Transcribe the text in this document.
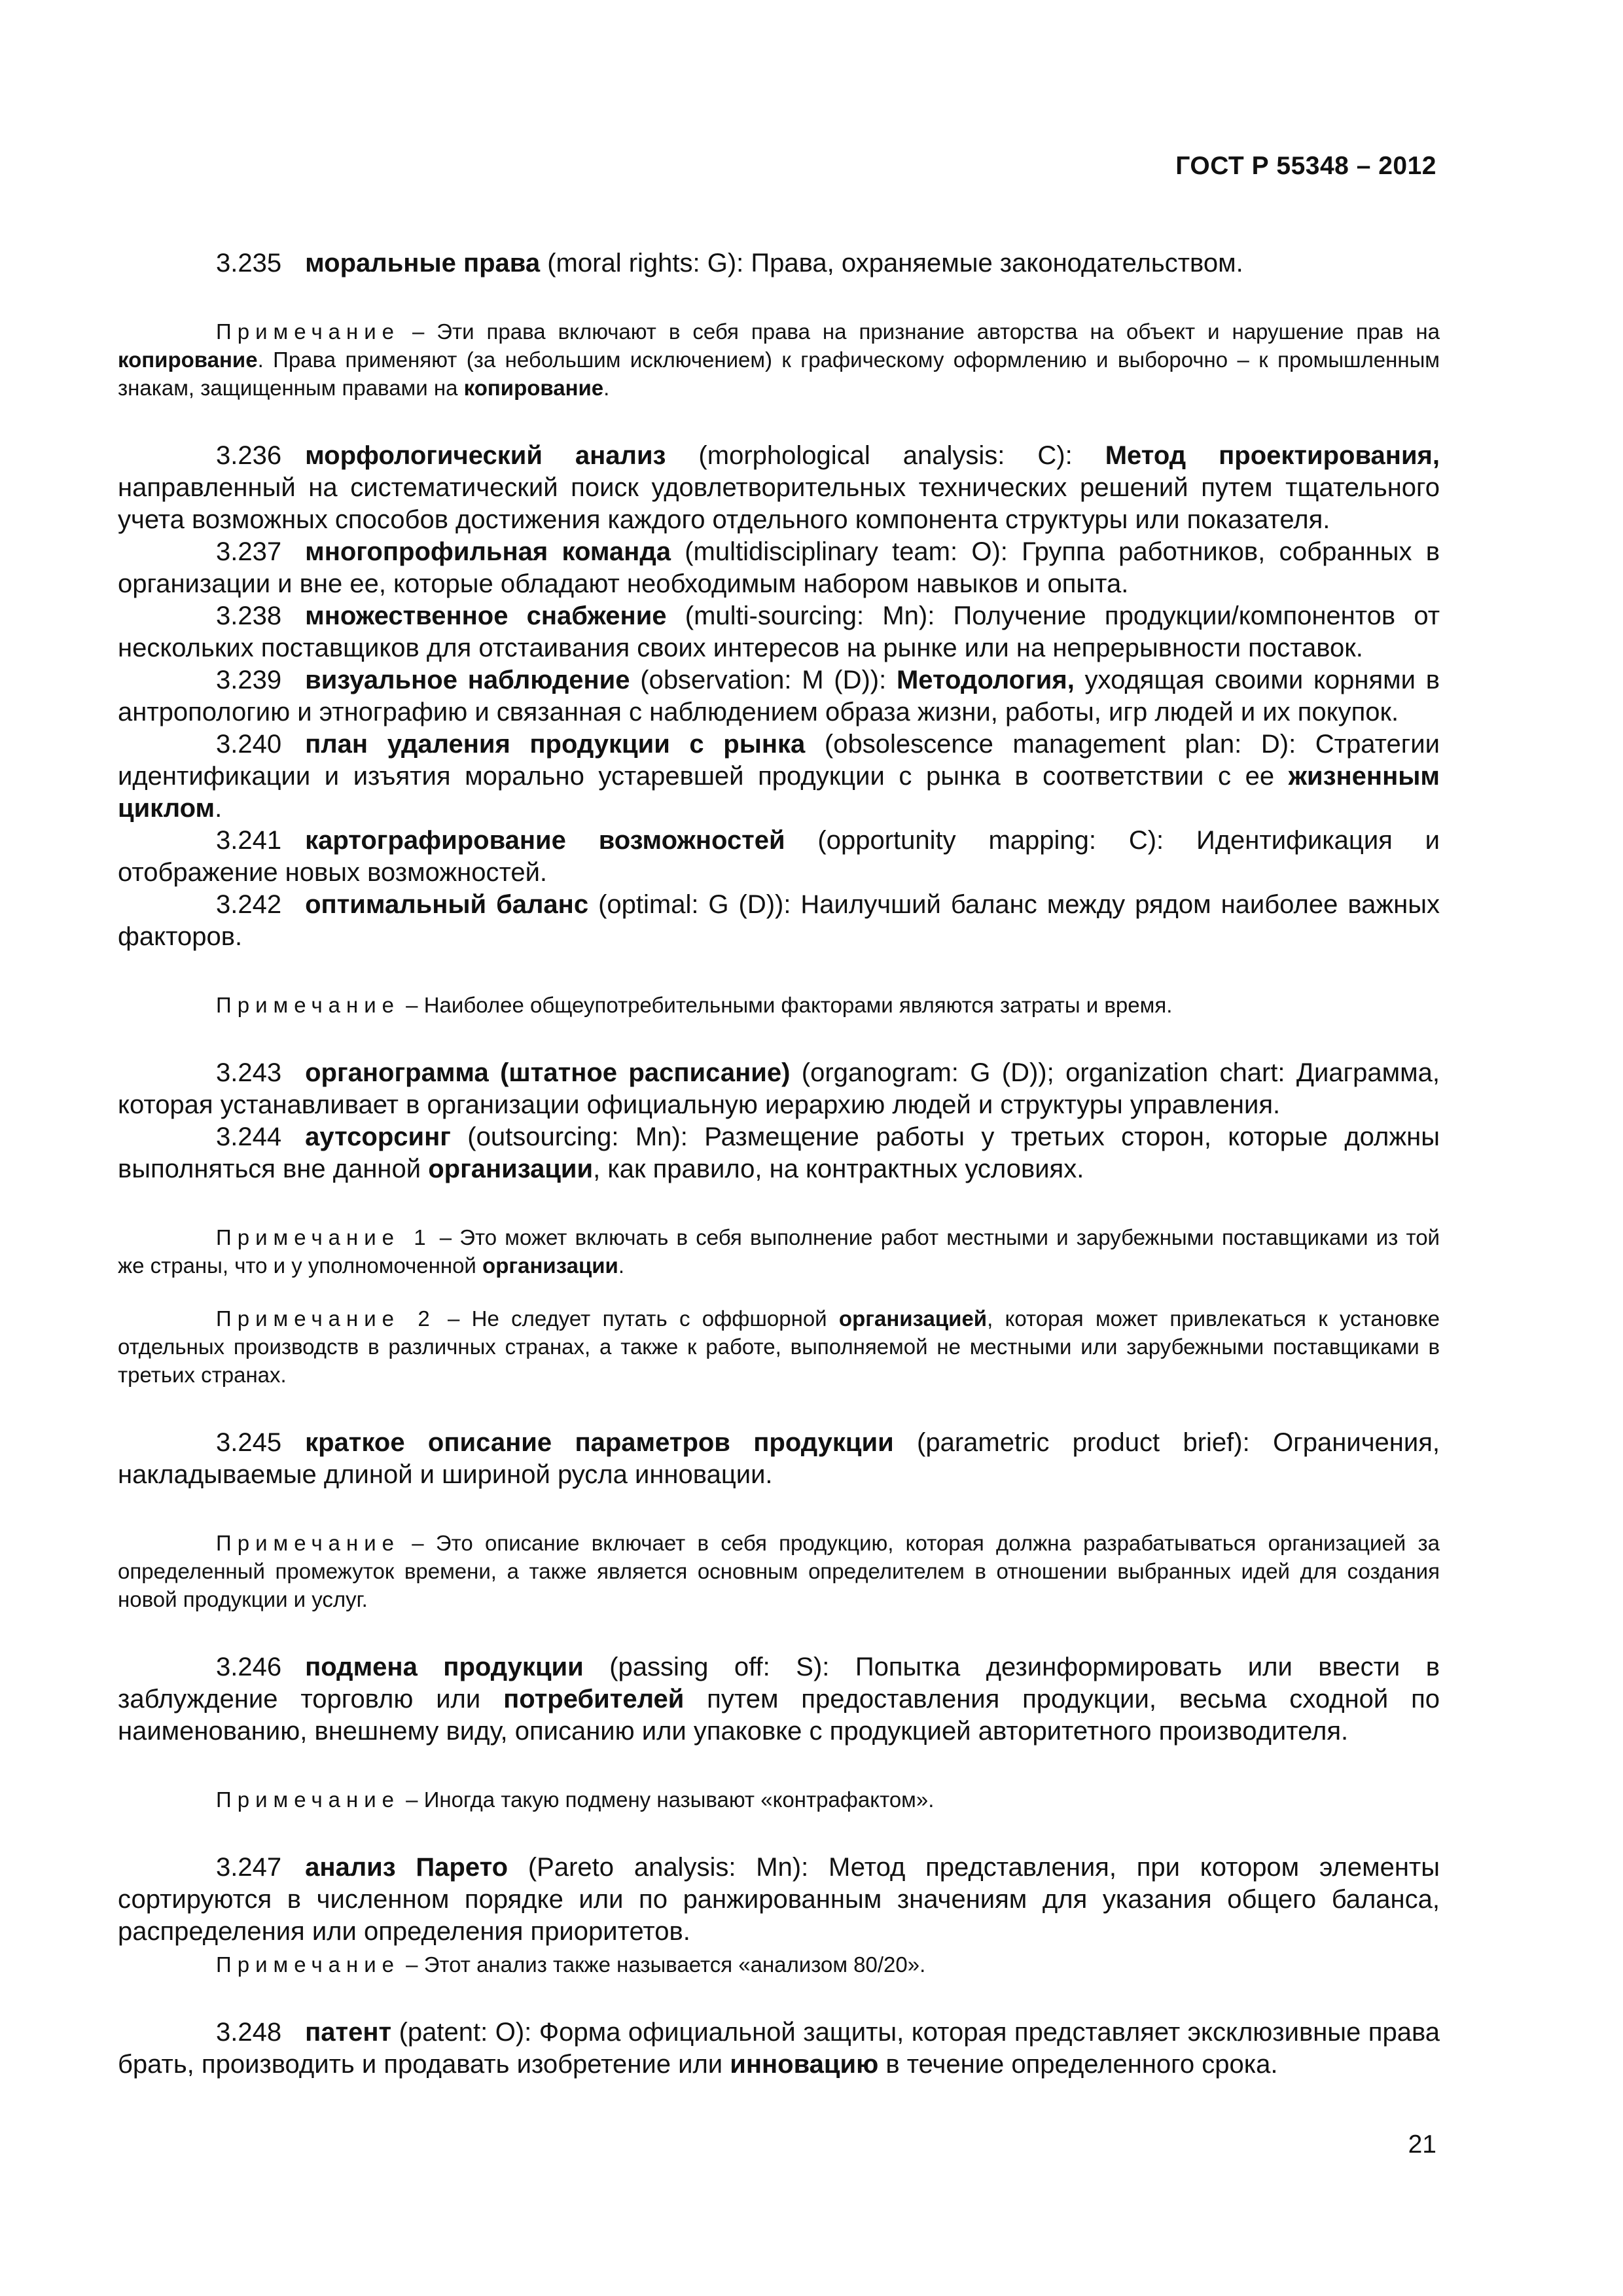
ГОСТ Р 55348 – 2012

3.235 моральные права (moral rights: G): Права, охраняемые законодательством.

Примечание – Эти права включают в себя права на признание авторства на объект и нарушение прав на копирование. Права применяют (за небольшим исключением) к графическому оформлению и выборочно – к промышленным знакам, защищенным правами на копирование.

3.236 морфологический анализ (morphological analysis: C): Метод проектирования, направленный на систематический поиск удовлетворительных технических решений путем тщательного учета возможных способов достижения каждого отдельного компонента структуры или показателя.

3.237 многопрофильная команда (multidisciplinary team: O): Группа работников, собранных в организации и вне ее, которые обладают необходимым набором навыков и опыта.

3.238 множественное снабжение (multi-sourcing: Mn): Получение продукции/компонентов от нескольких поставщиков для отстаивания своих интересов на рынке или на непрерывности поставок.

3.239 визуальное наблюдение (observation: M (D)): Методология, уходящая своими корнями в антропологию и этнографию и связанная с наблюдением образа жизни, работы, игр людей и их покупок.

3.240 план удаления продукции с рынка (obsolescence management plan: D): Стратегии идентификации и изъятия морально устаревшей продукции с рынка в соответствии с ее жизненным циклом.

3.241 картографирование возможностей (opportunity mapping: C): Идентификация и отображение новых возможностей.

3.242 оптимальный баланс (optimal: G (D)): Наилучший баланс между рядом наиболее важных факторов.

Примечание – Наиболее общеупотребительными факторами являются затраты и время.

3.243 органограмма (штатное расписание) (organogram: G (D)); organization chart: Диаграмма, которая устанавливает в организации официальную иерархию людей и структуры управления.

3.244 аутсорсинг (outsourcing: Mn): Размещение работы у третьих сторон, которые должны выполняться вне данной организации, как правило, на контрактных условиях.

Примечание 1 – Это может включать в себя выполнение работ местными и зарубежными поставщиками из той же страны, что и у уполномоченной организации.

Примечание 2 – Не следует путать с оффшорной организацией, которая может привлекаться к установке отдельных производств в различных странах, а также к работе, выполняемой не местными или зарубежными поставщиками в третьих странах.

3.245 краткое описание параметров продукции (parametric product brief): Ограничения, накладываемые длиной и шириной русла инновации.

Примечание – Это описание включает в себя продукцию, которая должна разрабатываться организацией за определенный промежуток времени, а также является основным определителем в отношении выбранных идей для создания новой продукции и услуг.

3.246 подмена продукции (passing off: S): Попытка дезинформировать или ввести в заблуждение торговлю или потребителей путем предоставления продукции, весьма сходной по наименованию, внешнему виду, описанию или упаковке с продукцией авторитетного производителя.

Примечание – Иногда такую подмену называют «контрафактом».

3.247 анализ Парето (Pareto analysis: Mn): Метод представления, при котором элементы сортируются в численном порядке или по ранжированным значениям для указания общего баланса, распределения или определения приоритетов.

Примечание – Этот анализ также называется «анализом 80/20».

3.248 патент (patent: O): Форма официальной защиты, которая представляет эксклюзивные права брать, производить и продавать изобретение или инновацию в течение определенного срока.

21
